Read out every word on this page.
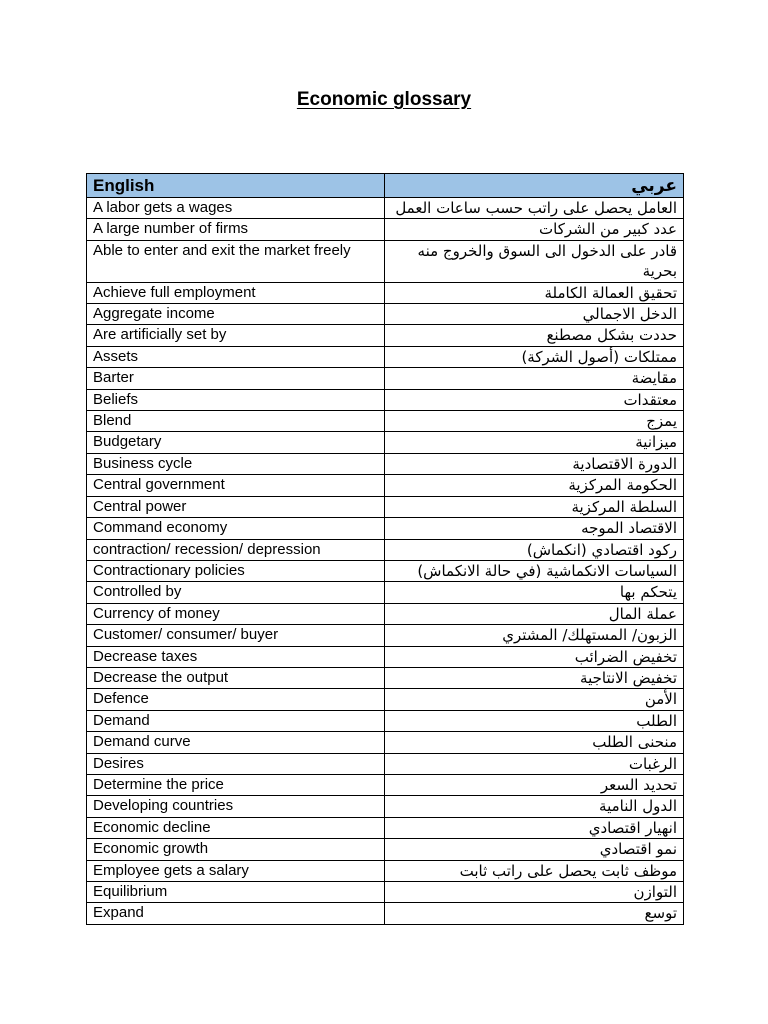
Economic glossary
English	عربي
A labor gets a wages	العامل يحصل على راتب حسب ساعات العمل
A large number of firms	عدد كبير من الشركات
Able to enter and exit the market freely	قادر على الدخول الى السوق والخروج منه بحرية
Achieve full employment	تحقيق العمالة الكاملة
Aggregate income	الدخل الاجمالي
Are artificially set by	حددت بشكل مصطنع
Assets	ممتلكات (أصول الشركة)
Barter	مقايضة
Beliefs	معتقدات
Blend	يمزج
Budgetary	ميزانية
Business cycle	الدورة الاقتصادية
Central government	الحكومة المركزية
Central power	السلطة المركزية
Command economy	الاقتصاد الموجه
contraction/ recession/ depression	ركود اقتصادي (انكماش)
Contractionary policies	السياسات الانكماشية (في حالة الانكماش)
Controlled by	يتحكم بها
Currency of money	عملة المال
Customer/ consumer/ buyer	الزبون/ المستهلك/ المشتري
Decrease taxes	تخفيض الضرائب
Decrease the output	تخفيض الانتاجية
Defence	الأمن
Demand	الطلب
Demand curve	منحنى الطلب
Desires	الرغبات
Determine the price	تحديد السعر
Developing countries	الدول النامية
Economic decline	انهيار اقتصادي
Economic growth	نمو اقتصادي
Employee gets a salary	موظف ثابت يحصل على راتب ثابت
Equilibrium	التوازن
Expand	توسع
